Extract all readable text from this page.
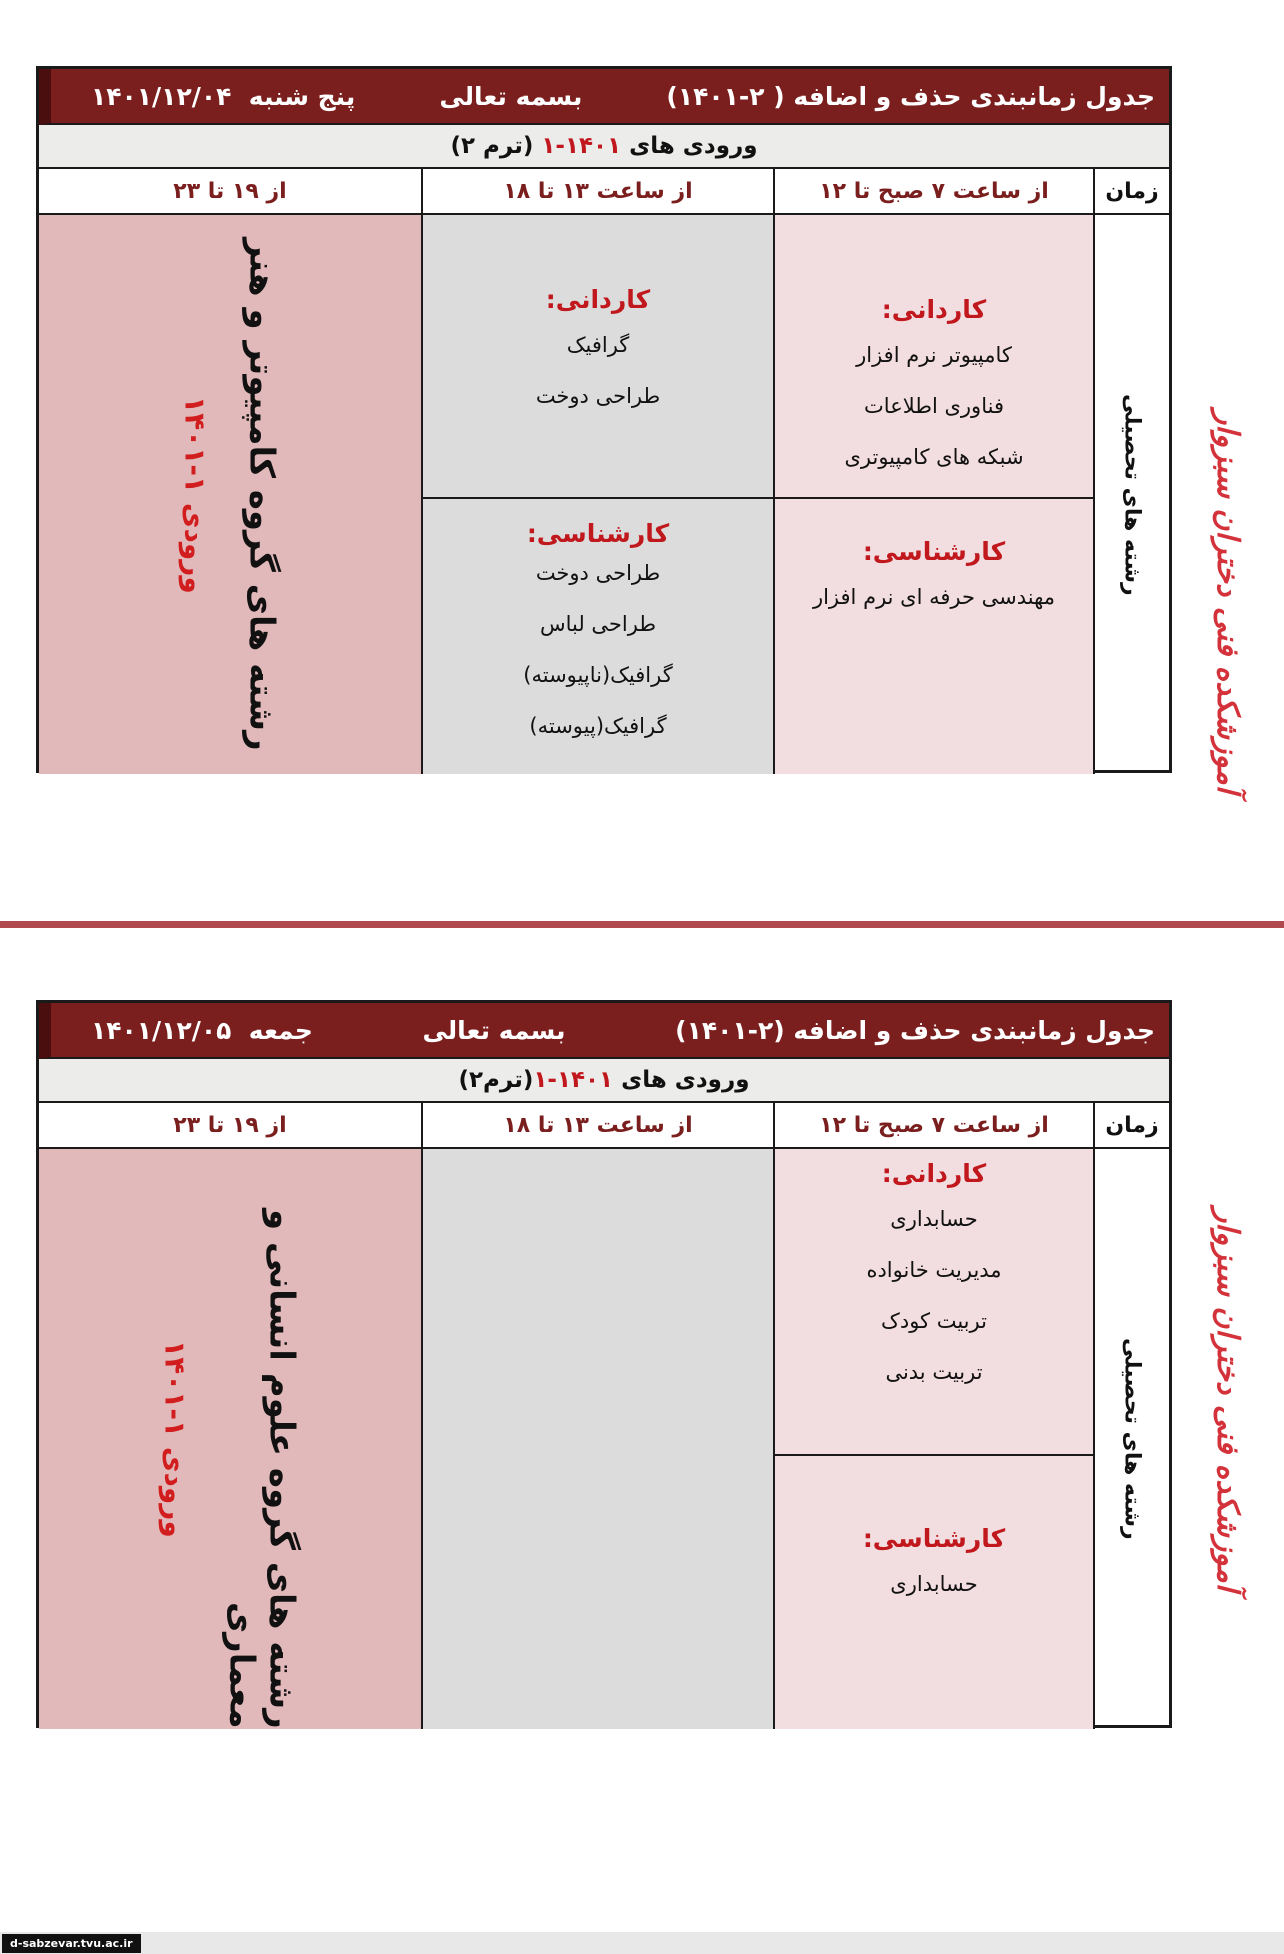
جدول زمانبندی حذف و اضافه ( ۲-۱۴۰۱)
بسمه تعالی
پنج شنبه  ۱۴۰۱/۱۲/۰۴
ورودی های

۱-۱۴۰۱

(ترم ۲)
زمان
از ساعت ۷ صبح تا ۱۲
از ساعت ۱۳ تا ۱۸
از ۱۹ تا ۲۳
رشته های تحصیلی
کاردانی:
کامپیوتر نرم افزار
فناوری اطلاعات
شبکه های کامپیوتری
کارشناسی:
مهندسی حرفه ای نرم افزار
کاردانی:
گرافیک
طراحی دوخت
کارشناسی:
طراحی دوخت
طراحی لباس
گرافیک(ناپیوسته)
گرافیک(پیوسته)
رشته های گروه کامپیوتر و هنر
ورودی ۱-۱۴۰۱	آموزشکده فنی دختران سبزوار
جدول زمانبندی حذف و اضافه (۲-۱۴۰۱)
بسمه تعالی
جمعه  ۱۴۰۱/۱۲/۰۵
ورودی های

۱-۱۴۰۱
(ترم۲)
زمان
از ساعت ۷ صبح تا ۱۲
از ساعت ۱۳ تا ۱۸
از ۱۹ تا ۲۳
رشته های تحصیلی
کاردانی:
حسابداری
مدیریت خانواده
تربیت کودک
تربیت بدنی
کارشناسی:
حسابداری
رشته های گروه علوم انسانی و معماری
ورودی ۱-۱۴۰۱	آموزشکده فنی دختران سبزوار
d-sabzevar.tvu.ac.ir
